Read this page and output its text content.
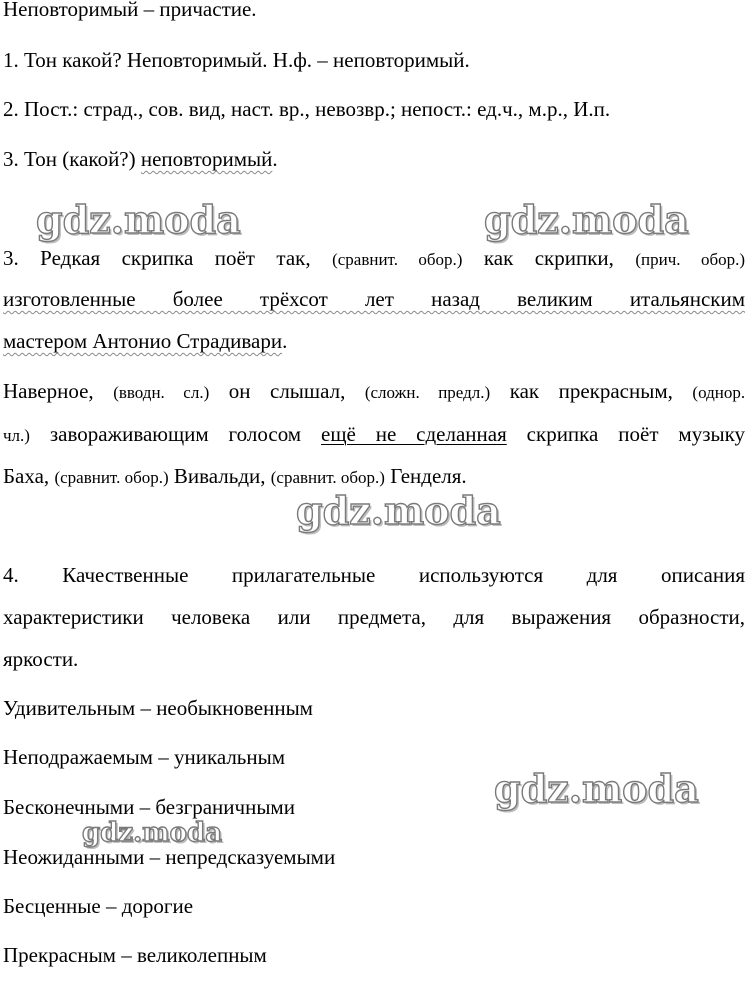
Неповторимый – причастие.
1. Тон какой? Неповторимый. Н.ф. – неповторимый.
2. Пост.: страд., сов. вид, наст. вр., невозвр.; непост.: ед.ч., м.р., И.п.
3. Тон (какой?) неповторимый.
3. Редкая скрипка поёт так, (сравнит. обор.) как скрипки, (прич. обор.)
изготовленные более трёхсот лет назад великим итальянским
мастером Антонио Страдивари.
Наверное, (вводн. сл.) он слышал, (сложн. предл.) как прекрасным, (однор.
чл.) завораживающим голосом ещё не сделанная скрипка поёт музыку
Баха, (сравнит. обор.) Вивальди, (сравнит. обор.) Генделя.
4. Качественные прилагательные используются для описания
характеристики человека или предмета, для выражения образности,
яркости.
Удивительным – необыкновенным
Неподражаемым – уникальным
Бесконечными – безграничными
Неожиданными – непредсказуемыми
Бесценные – дорогие
Прекрасным – великолепным
gdz.moda	gdz.moda
gdz.moda
gdz.moda
gdz.moda
